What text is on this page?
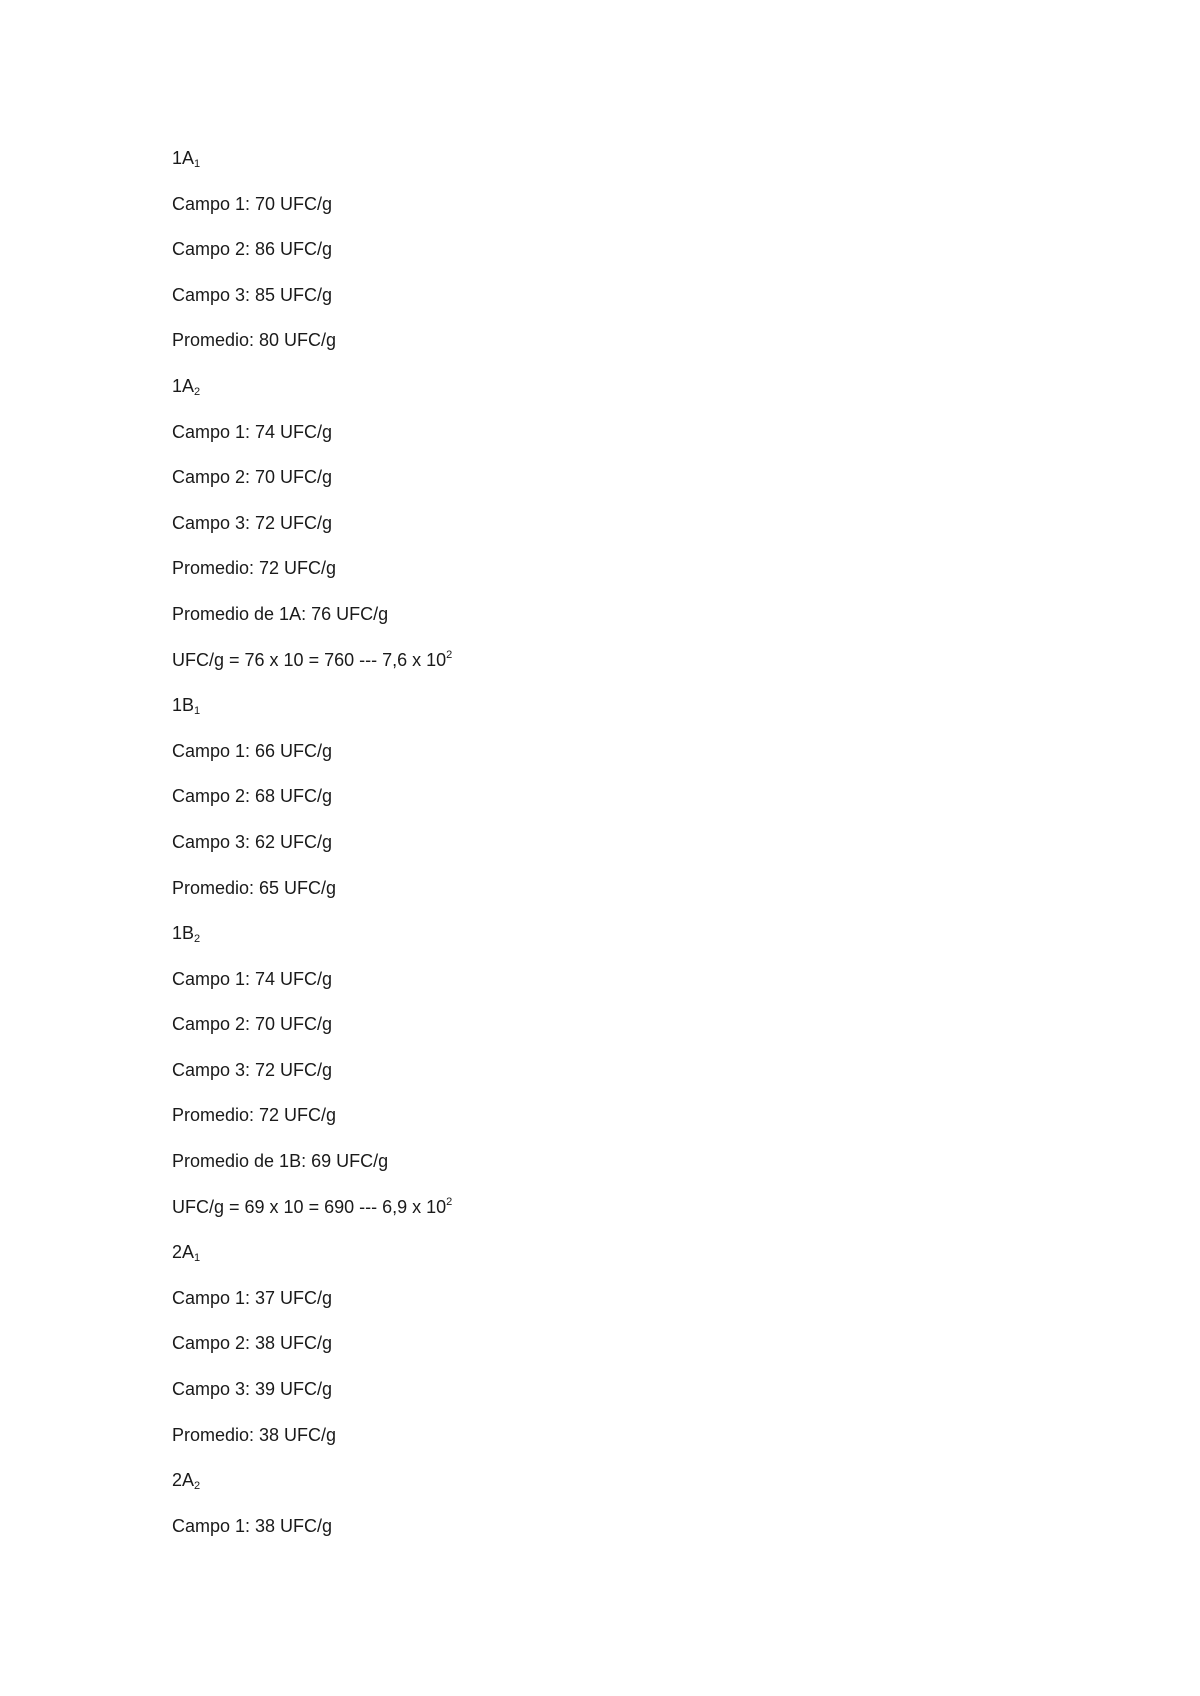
$1A_1$
Campo 1: 70 UFC/g
Campo 2: 86 UFC/g
Campo 3: 85 UFC/g
Promedio: 80 UFC/g
$1A_2$
Campo 1: 74 UFC/g
Campo 2: 70 UFC/g
Campo 3: 72 UFC/g
Promedio: 72 UFC/g
Promedio de 1A: 76 UFC/g
UFC/g = 76 x 10 = 760 --- 7,6 x $10^2$
$1B_1$
Campo 1: 66 UFC/g
Campo 2: 68 UFC/g
Campo 3: 62 UFC/g
Promedio: 65 UFC/g
$1B_2$
Campo 1: 74 UFC/g
Campo 2: 70 UFC/g
Campo 3: 72 UFC/g
Promedio: 72 UFC/g
Promedio de 1B: 69 UFC/g
UFC/g = 69 x 10 = 690 --- 6,9 x $10^2$
$2A_1$
Campo 1: 37 UFC/g
Campo 2: 38 UFC/g
Campo 3: 39 UFC/g
Promedio: 38 UFC/g
$2A_2$
Campo 1: 38 UFC/g
